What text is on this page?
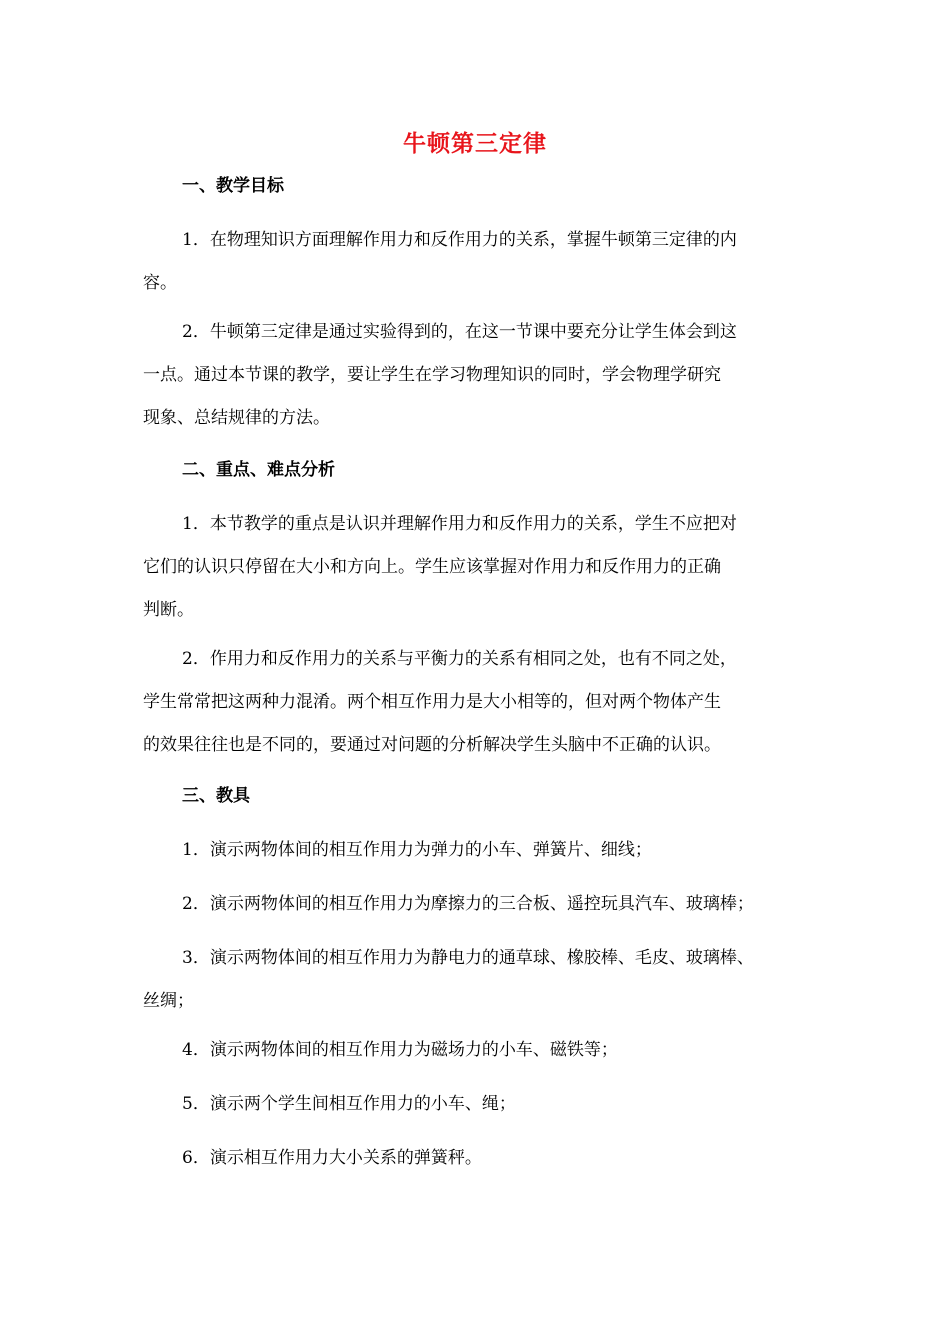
牛顿第三定律
一、教学目标
1．在物理知识方面理解作用力和反作用力的关系，掌握牛顿第三定律的内
容。
2．牛顿第三定律是通过实验得到的，在这一节课中要充分让学生体会到这
一点。通过本节课的教学，要让学生在学习物理知识的同时，学会物理学研究
现象、总结规律的方法。
二、重点、难点分析
1．本节教学的重点是认识并理解作用力和反作用力的关系，学生不应把对
它们的认识只停留在大小和方向上。学生应该掌握对作用力和反作用力的正确
判断。
2．作用力和反作用力的关系与平衡力的关系有相同之处，也有不同之处，
学生常常把这两种力混淆。两个相互作用力是大小相等的，但对两个物体产生
的效果往往也是不同的，要通过对问题的分析解决学生头脑中不正确的认识。
三、教具
1．演示两物体间的相互作用力为弹力的小车、弹簧片、细线；
2．演示两物体间的相互作用力为摩擦力的三合板、遥控玩具汽车、玻璃棒；
3．演示两物体间的相互作用力为静电力的通草球、橡胶棒、毛皮、玻璃棒、
丝绸；
4．演示两物体间的相互作用力为磁场力的小车、磁铁等；
5．演示两个学生间相互作用力的小车、绳；
6．演示相互作用力大小关系的弹簧秤。
